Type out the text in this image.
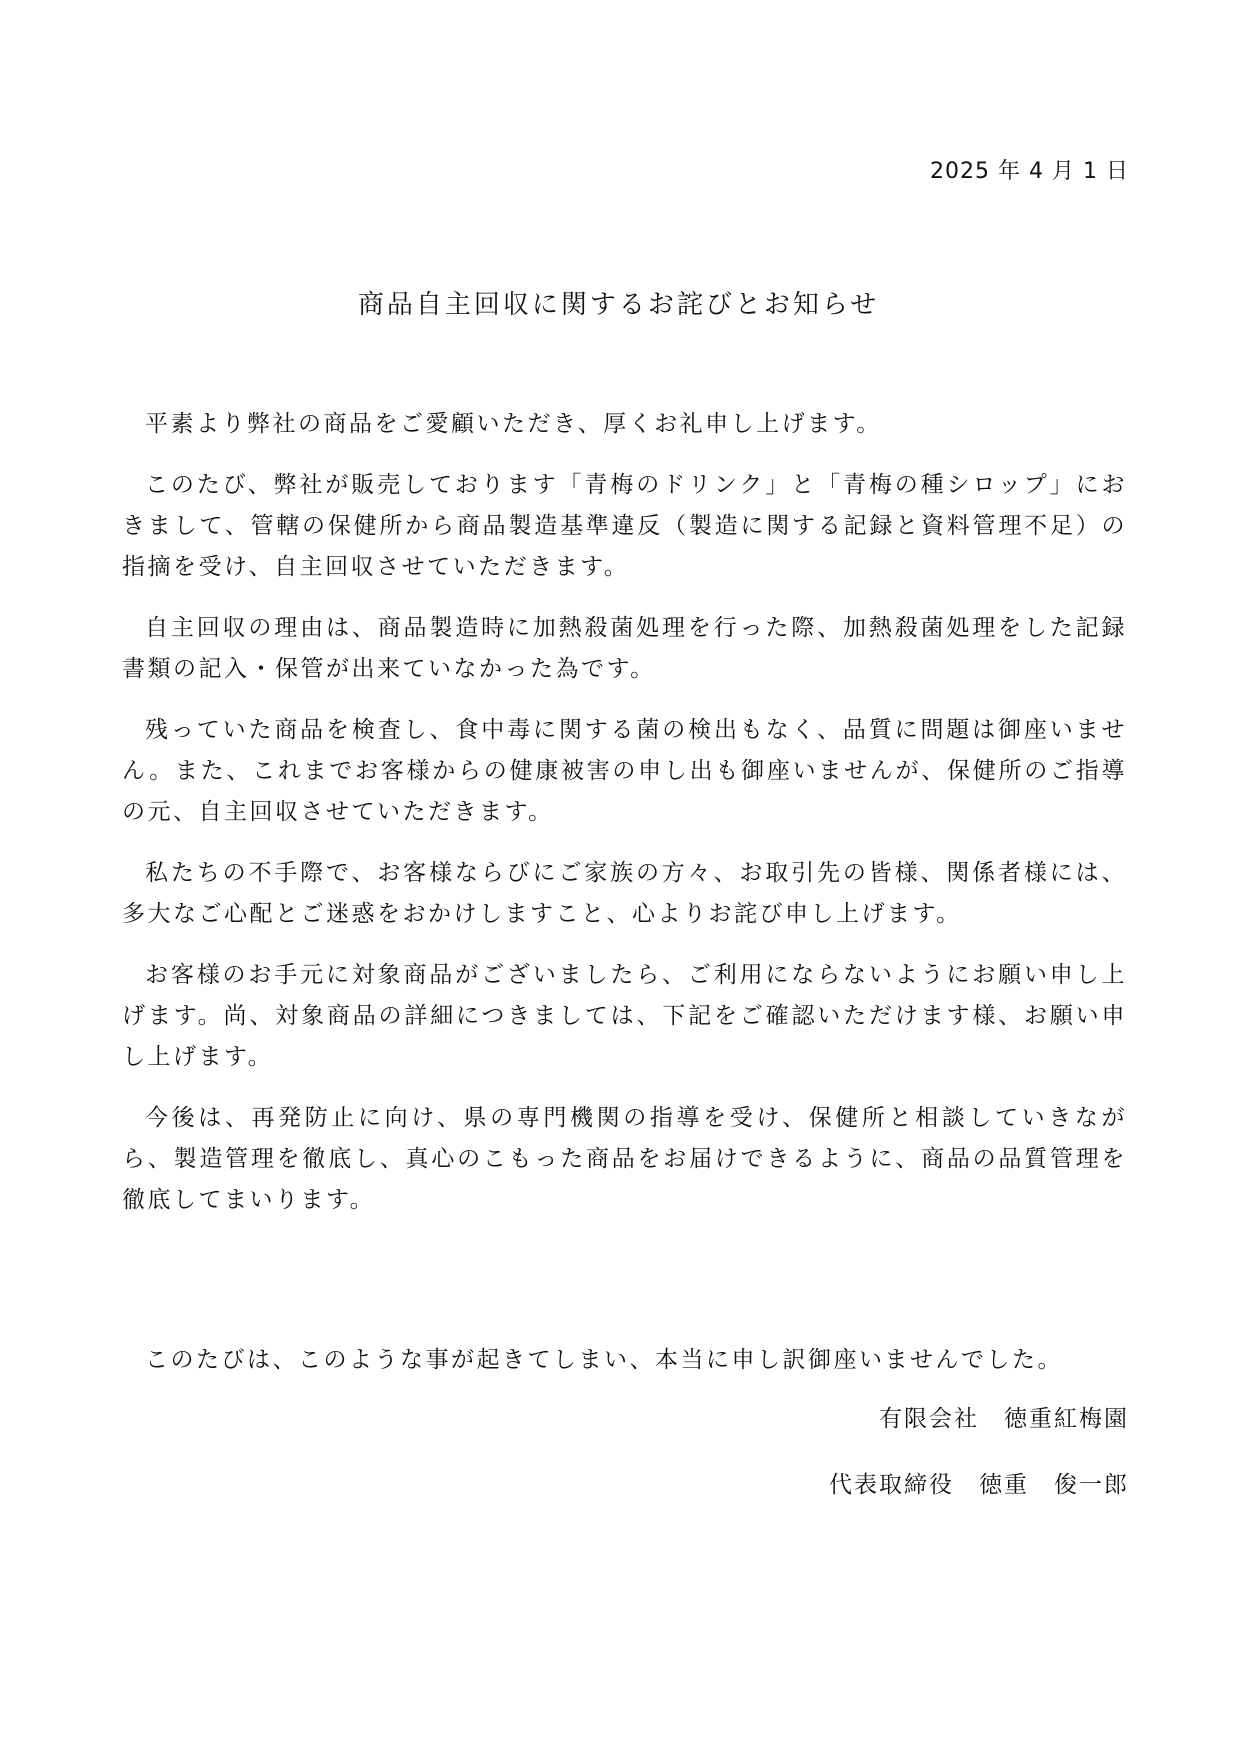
2025 年 4 月 1 日
商品自主回収に関するお詫びとお知らせ

平素より弊社の商品をご愛顧いただき、厚くお礼申し上げます。

このたび、弊社が販売しております「青梅のドリンク」と「青梅の種シロップ」におきまして、管轄の保健所から商品製造基準違反（製造に関する記録と資料管理不足）の指摘を受け、自主回収させていただきます。

自主回収の理由は、商品製造時に加熱殺菌処理を行った際、加熱殺菌処理をした記録書類の記入・保管が出来ていなかった為です。

残っていた商品を検査し、食中毒に関する菌の検出もなく、品質に問題は御座いません。また、これまでお客様からの健康被害の申し出も御座いませんが、保健所のご指導の元、自主回収させていただきます。

私たちの不手際で、お客様ならびにご家族の方々、お取引先の皆様、関係者様には、多大なご心配とご迷惑をおかけしますこと、心よりお詫び申し上げます。

お客様のお手元に対象商品がございましたら、ご利用にならないようにお願い申し上げます。尚、対象商品の詳細につきましては、下記をご確認いただけます様、お願い申し上げます。

今後は、再発防止に向け、県の専門機関の指導を受け、保健所と相談していきながら、製造管理を徹底し、真心のこもった商品をお届けできるように、商品の品質管理を徹底してまいります。

このたびは、このような事が起きてしまい、本当に申し訳御座いませんでした。
有限会社　徳重紅梅園
代表取締役　徳重　俊一郎
